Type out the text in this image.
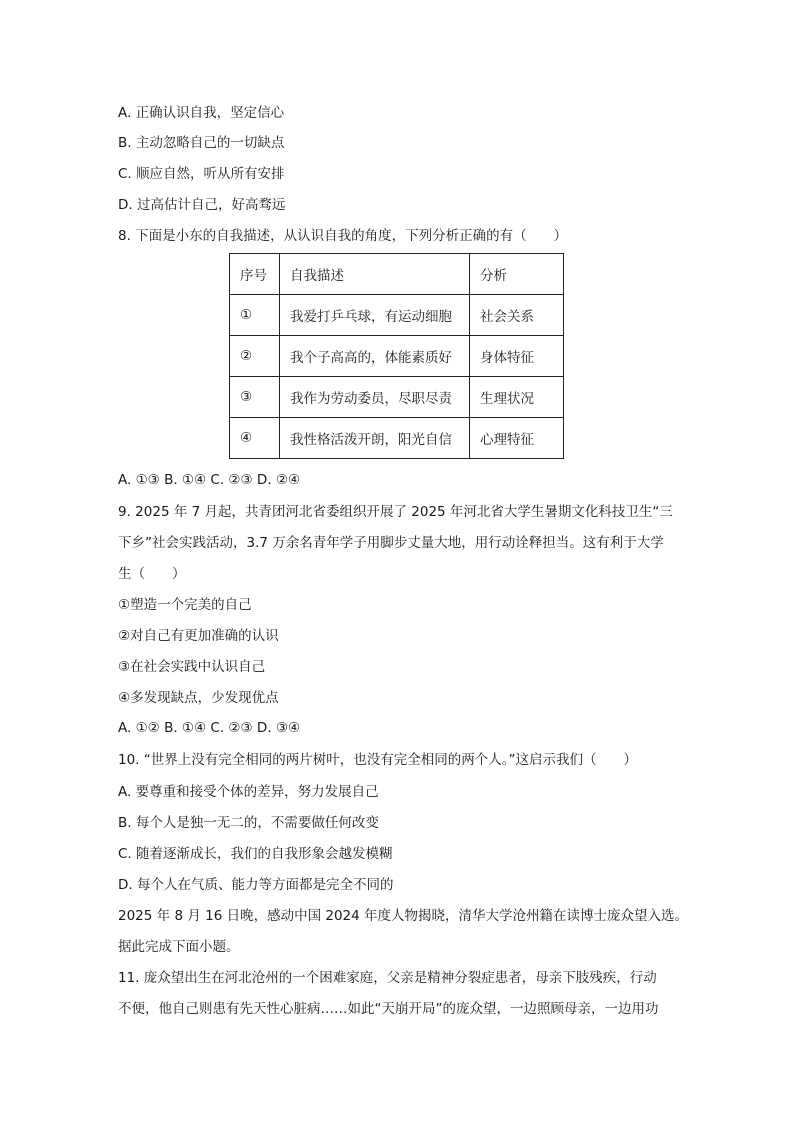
A. 正确认识自我，坚定信心
B. 主动忽略自己的一切缺点
C. 顺应自然，听从所有安排
D. 过高估计自己，好高骛远
8. 下面是小东的自我描述，从认识自我的角度，下列分析正确的有（　　）
序号	自我描述	分析
①	我爱打乒乓球，有运动细胞	社会关系
②	我个子高高的，体能素质好	身体特征
③	我作为劳动委员，尽职尽责	生理状况
④	我性格活泼开朗，阳光自信	心理特征
A. ①③ B. ①④ C. ②③ D. ②④
9. 2025 年 7 月起，共青团河北省委组织开展了 2025 年河北省大学生暑期文化科技卫生“三
下乡”社会实践活动，3.7 万余名青年学子用脚步丈量大地，用行动诠释担当。这有利于大学
生（　　）
①塑造一个完美的自己
②对自己有更加准确的认识
③在社会实践中认识自己
④多发现缺点，少发现优点
A. ①② B. ①④ C. ②③ D. ③④
10. “世界上没有完全相同的两片树叶，也没有完全相同的两个人。”这启示我们（　　）
A. 要尊重和接受个体的差异，努力发展自己
B. 每个人是独一无二的，不需要做任何改变
C. 随着逐渐成长，我们的自我形象会越发模糊
D. 每个人在气质、能力等方面都是完全不同的
2025 年 8 月 16 日晚，感动中国 2024 年度人物揭晓，清华大学沧州籍在读博士庞众望入选。
据此完成下面小题。
11. 庞众望出生在河北沧州的一个困难家庭，父亲是精神分裂症患者，母亲下肢残疾，行动
不便，他自己则患有先天性心脏病……如此“天崩开局”的庞众望，一边照顾母亲，一边用功
